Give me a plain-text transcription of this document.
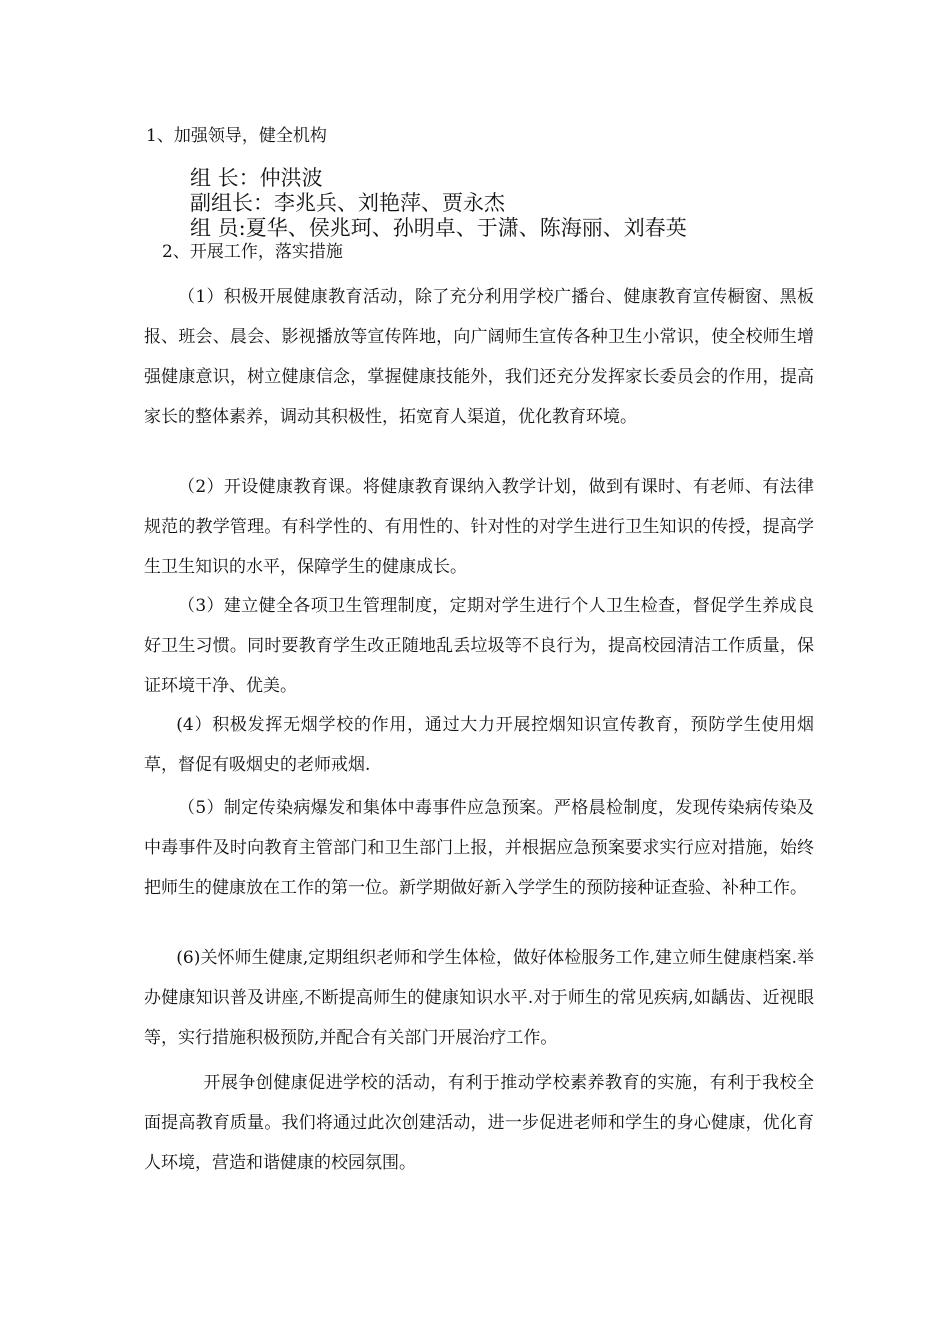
1、加强领导，健全机构
组 长：仲洪波
副组长：李兆兵、刘艳萍、贾永杰
组 员:夏华、侯兆珂、孙明卓、于潇、陈海丽、刘春英
2、开展工作，落实措施

（1）积极开展健康教育活动，除了充分利用学校广播台、健康教育宣传橱窗、黑板报、班会、晨会、影视播放等宣传阵地，向广阔师生宣传各种卫生小常识，使全校师生增强健康意识，树立健康信念，掌握健康技能外，我们还充分发挥家长委员会的作用，提高家长的整体素养，调动其积极性，拓宽育人渠道，优化教育环境。

（2）开设健康教育课。将健康教育课纳入教学计划，做到有课时、有老师、有法律规范的教学管理。有科学性的、有用性的、针对性的对学生进行卫生知识的传授，提高学生卫生知识的水平，保障学生的健康成长。

（3）建立健全各项卫生管理制度，定期对学生进行个人卫生检查，督促学生养成良好卫生习惯。同时要教育学生改正随地乱丢垃圾等不良行为，提高校园清洁工作质量，保证环境干净、优美。

(4）积极发挥无烟学校的作用，通过大力开展控烟知识宣传教育，预防学生使用烟草，督促有吸烟史的老师戒烟.

（5）制定传染病爆发和集体中毒事件应急预案。严格晨检制度，发现传染病传染及中毒事件及时向教育主管部门和卫生部门上报，并根据应急预案要求实行应对措施，始终把师生的健康放在工作的第一位。新学期做好新入学学生的预防接种证查验、补种工作。

(6)关怀师生健康,定期组织老师和学生体检，做好体检服务工作,建立师生健康档案.举办健康知识普及讲座,不断提高师生的健康知识水平.对于师生的常见疾病,如龋齿、近视眼等，实行措施积极预防,并配合有关部门开展治疗工作。

开展争创健康促进学校的活动，有利于推动学校素养教育的实施，有利于我校全面提高教育质量。我们将通过此次创建活动，进一步促进老师和学生的身心健康，优化育人环境，营造和谐健康的校园氛围。
